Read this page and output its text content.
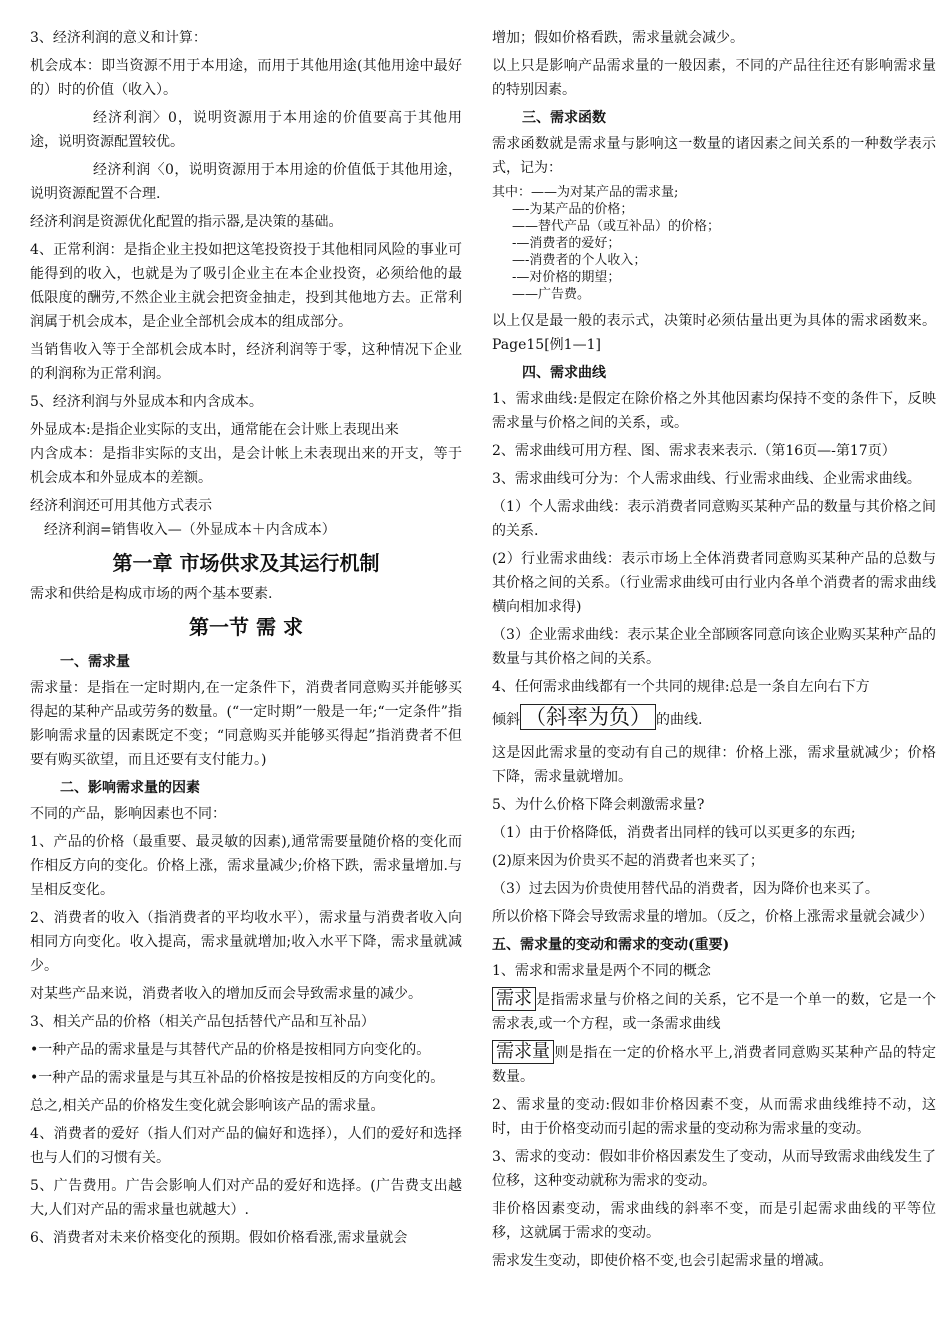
3、经济利润的意义和计算：

机会成本：即当资源不用于本用途，而用于其他用途(其他用途中最好的）时的价值（收入）。

经济利润〉0，说明资源用于本用途的价值要高于其他用途，说明资源配置较优。

经济利润〈0，说明资源用于本用途的价值低于其他用途，说明资源配置不合理.

经济利润是资源优化配置的指示器,是决策的基础。

4、正常利润：是指企业主投如把这笔投资投于其他相同风险的事业可能得到的收入，也就是为了吸引企业主在本企业投资，必须给他的最低限度的酬劳,不然企业主就会把资金抽走，投到其他地方去。正常利润属于机会成本，是企业全部机会成本的组成部分。

当销售收入等于全部机会成本时，经济利润等于零，这种情况下企业的利润称为正常利润。

5、经济利润与外显成本和内含成本。

外显成本:是指企业实际的支出，通常能在会计账上表现出来

内含成本：是指非实际的支出，是会计帐上未表现出来的开支，等于机会成本和外显成本的差额。

经济利润还可用其他方式表示

经济利润=销售收入—（外显成本＋内含成本）

第一章 市场供求及其运行机制

需求和供给是构成市场的两个基本要素.

第一节 需 求
一、需求量

需求量：是指在一定时期内,在一定条件下，消费者同意购买并能够买得起的某种产品或劳务的数量。(“一定时期”一般是一年;“一定条件”指影响需求量的因素既定不变；“同意购买并能够买得起”指消费者不但要有购买欲望，而且还要有支付能力。)

二、影响需求量的因素

不同的产品，影响因素也不同：

1、产品的价格（最重要、最灵敏的因素),通常需要量随价格的变化而作相反方向的变化。价格上涨，需求量减少;价格下跌，需求量增加.与呈相反变化。

2、消费者的收入（指消费者的平均收水平），需求量与消费者收入向相同方向变化。收入提高，需求量就增加;收入水平下降，需求量就减少。

对某些产品来说，消费者收入的增加反而会导致需求量的减少。

3、相关产品的价格（相关产品包括替代产品和互补品）

•一种产品的需求量是与其替代产品的价格是按相同方向变化的。

•一种产品的需求量是与其互补品的价格按是按相反的方向变化的。

总之,相关产品的价格发生变化就会影响该产品的需求量。

4、消费者的爱好（指人们对产品的偏好和选择），人们的爱好和选择也与人们的习惯有关。

5、广告费用。广告会影响人们对产品的爱好和选择。(广告费支出越大,人们对产品的需求量也就越大）.

6、消费者对未来价格变化的预期。假如价格看涨,需求量就会

增加；假如价格看跌，需求量就会减少。

以上只是影响产品需求量的一般因素，不同的产品往往还有影响需求量的特别因素。

三、需求函数

需求函数就是需求量与影响这一数量的诸因素之间关系的一种数学表示式，记为：

其中：——为对某产品的需求量;
—-为某产品的价格；
——替代产品（或互补品）的价格；
-—消费者的爱好；
—-消费者的个人收入；
-—对价格的期望；
——广告费。

以上仅是最一般的表示式，决策时必须估量出更为具体的需求函数来。Page15[例1—1]

四、需求曲线

1、需求曲线:是假定在除价格之外其他因素均保持不变的条件下，反映需求量与价格之间的关系，或。

2、需求曲线可用方程、图、需求表来表示.（第16页—-第17页）

3、需求曲线可分为：个人需求曲线、行业需求曲线、企业需求曲线。

（1）个人需求曲线：表示消费者同意购买某种产品的数量与其价格之间的关系.

(2）行业需求曲线：表示市场上全体消费者同意购买某种产品的总数与其价格之间的关系。（行业需求曲线可由行业内各单个消费者的需求曲线横向相加求得)

（3）企业需求曲线：表示某企业全部顾客同意向该企业购买某种产品的数量与其价格之间的关系。

4、任何需求曲线都有一个共同的规律:总是一条自左向右下方

倾斜 （斜率为负） 的曲线.

这是因此需求量的变动有自己的规律：价格上涨，需求量就减少；价格下降，需求量就增加。

5、为什么价格下降会刺激需求量?

（1）由于价格降低，消费者出同样的钱可以买更多的东西;

(2)原来因为价贵买不起的消费者也来买了；

（3）过去因为价贵使用替代品的消费者，因为降价也来买了。

所以价格下降会导致需求量的增加。（反之，价格上涨需求量就会减少）

五、需求量的变动和需求的变动(重要)

1、需求和需求量是两个不同的概念

需求 是指需求量与价格之间的关系，它不是一个单一的数，它是一个需求表,或一个方程，或一条需求曲线

需求量 则是指在一定的价格水平上,消费者同意购买某种产品的特定数量。

2、需求量的变动:假如非价格因素不变，从而需求曲线维持不动，这时，由于价格变动而引起的需求量的变动称为需求量的变动。

3、需求的变动：假如非价格因素发生了变动，从而导致需求曲线发生了位移，这种变动就称为需求的变动。

非价格因素变动，需求曲线的斜率不变，而是引起需求曲线的平等位移，这就属于需求的变动。

需求发生变动，即使价格不变,也会引起需求量的增减。
